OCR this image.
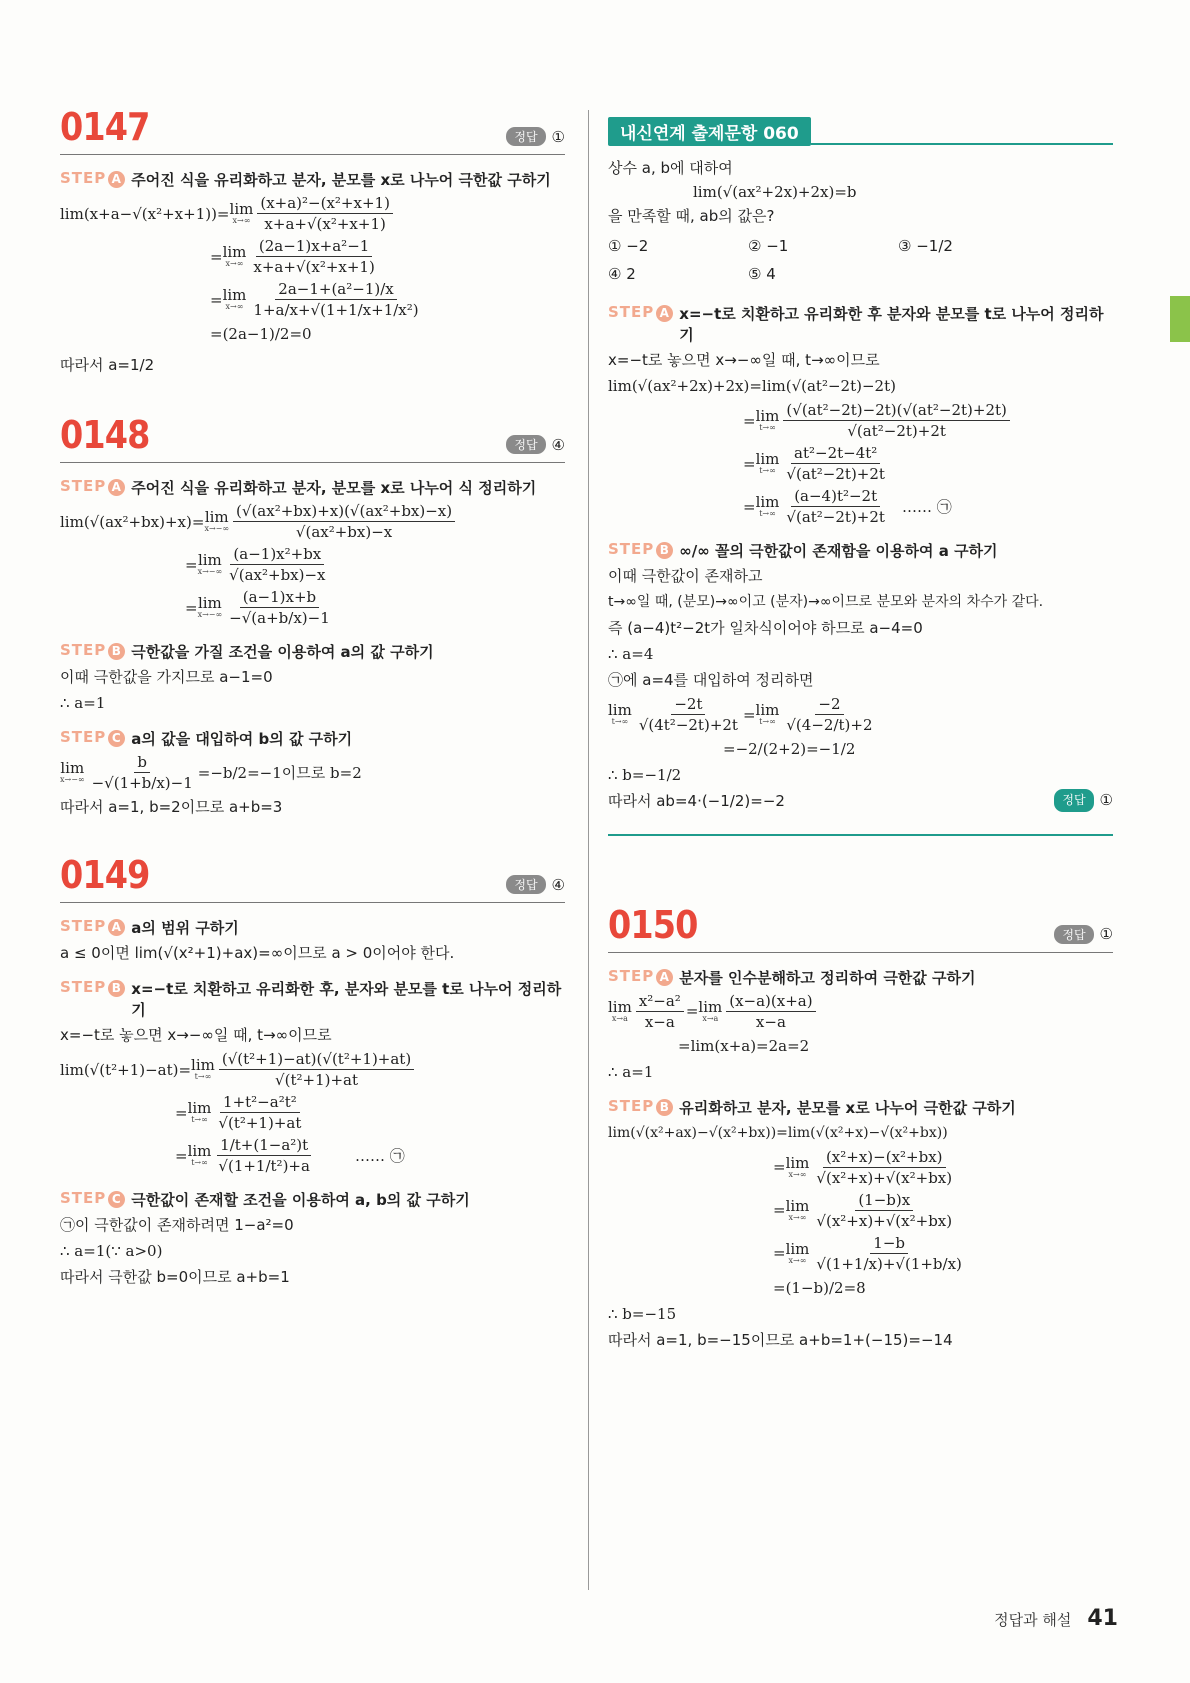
0147	정답 ①
STEP A 주어진 식을 유리화하고 분자, 분모를 x로 나누어 극한값 구하기
lim(x+a−√(x²+x+1))= lim
$x\to\infty \frac{\text{(x+a)²−(x²+x+1)}}{\text{x+a+√(x²+x+1)}}$
= lim
$x\to\infty \frac{\text{(2a−1)x+a²−1}}{\text{x+a+√(x²+x+1)}}$
= lim
$x\to\infty \frac{\text{2a−1+(a²−1)/x}}{\text{1+a/x+√(1+1/x+1/x²)}}$
=(2a−1)/2=0
따라서 a=1/2
0148	정답 ④
STEP A 주어진 식을 유리화하고 분자, 분모를 x로 나누어 식 정리하기
lim(√(ax²+bx)+x)= lim
$x\to-\infty \frac{\text{(√(ax²+bx)+x)(√(ax²+bx)−x)}}{\text{√(ax²+bx)−x}}$
= lim
$x\to-\infty \frac{\text{(a−1)x²+bx}}{\text{√(ax²+bx)−x}}$
= lim
$x\to-\infty \frac{(a-1)x+b}{-√(a+b/x)-1}$
STEP B 극한값을 가질 조건을 이용하여 a의 값 구하기
이때 극한값을 가지므로 a−1=0
∴ a=1
STEP C a의 값을 대입하여 b의 값 구하기
lim
$x\to-\infty \frac{b}{-√(1+b/x)-1} =-b/2=-1$이므로 b=2
따라서 a=1, b=2이므로 a+b=3
0149	정답 ④
STEP A a의 범위 구하기
a ≤ 0이면 lim(√(x²+1)+ax)=∞이므로 a > 0이어야 한다.
STEP B x=−t로 치환하고 유리화한 후, 분자와 분모를 t로 나누어 정리하기
x=−t로 놓으면 x→−∞일 때, t→∞이므로
lim(√(t²+1)−at)= lim
$t\to\infty \frac{\text{(√(t²+1)−at)(√(t²+1)+at)}}{\text{√(t²+1)+at}}$
= lim
$t\to\infty \frac{\text{1+t²−a²t²}}{\text{√(t²+1)+at}}$
= lim
$t\to\infty \frac{\text{1/t+(1−a²)t}}{\text{√(1+1/t²)+a}}$	…… ㉠
STEP C 극한값이 존재할 조건을 이용하여 a, b의 값 구하기
㉠이 극한값이 존재하려면 1−a²=0
∴ a=1(∵ a>0)
따라서 극한값 b=0이므로 a+b=1
내신연계 출제문항 060
상수 a, b에 대하여
lim(√(ax²+2x)+2x)=b
을 만족할 때, ab의 값은?
① −2	② −1	③ −1/2
④ 2	⑤ 4
STEP A x=−t로 치환하고 유리화한 후 분자와 분모를 t로 나누어 정리하기
x=−t로 놓으면 x→−∞일 때, t→∞이므로
lim(√(ax²+2x)+2x)=lim(√(at²−2t)−2t)
= lim
$t\to\infty \frac{\text{(√(at²−2t)−2t)(√(at²−2t)+2t)}}{\text{√(at²−2t)+2t}}$
= lim
$t\to\infty \frac{\text{at²−2t−4t²}}{\text{√(at²−2t)+2t}}$
= lim
$t\to\infty \frac{\text{(a−4)t²−2t}}{\text{√(at²−2t)+2t}}$ …… ㉠
STEP B ∞/∞ 꼴의 극한값이 존재함을 이용하여 a 구하기
이때 극한값이 존재하고
t→∞일 때, (분모)→∞이고 (분자)→∞이므로 분모와 분자의 차수가 같다.
즉 (a−4)t²−2t가 일차식이어야 하므로 a−4=0
∴ a=4
㉠에 a=4를 대입하여 정리하면
lim
$t\to\infty \frac{-2t}{\text{√(4t²−2t)+2t}} = \lim$
$t\to\infty \frac{-2}{√(4-2/t)+2}$
=−2/(2+2)=−1/2
∴ b=−1/2
따라서 ab=4·(−1/2)=−2	정답 ①
0150	정답 ①
STEP A 분자를 인수분해하고 정리하여 극한값 구하기
lim
$x\to a \frac{\text{x²−a²}}{x-a} = \lim$
$x\to a \frac{(x-a)(x+a)}{x-a}$
=lim(x+a)=2a=2
∴ a=1
STEP B 유리화하고 분자, 분모를 x로 나누어 극한값 구하기
lim(√(x²+ax)−√(x²+bx))=lim(√(x²+x)−√(x²+bx))
= lim
$x\to\infty \frac{\text{(x²+x)−(x²+bx)}}{\text{√(x²+x)+√(x²+bx)}}$
= lim
$x\to\infty \frac{(1-b)x}{\text{√(x²+x)+√(x²+bx)}}$
= lim
$x\to\infty \frac{1-b}{√(1+1/x)+√(1+b/x)}$
=(1−b)/2=8
∴ b=−15
따라서 a=1, b=−15이므로 a+b=1+(−15)=−14
정답과 해설 41
